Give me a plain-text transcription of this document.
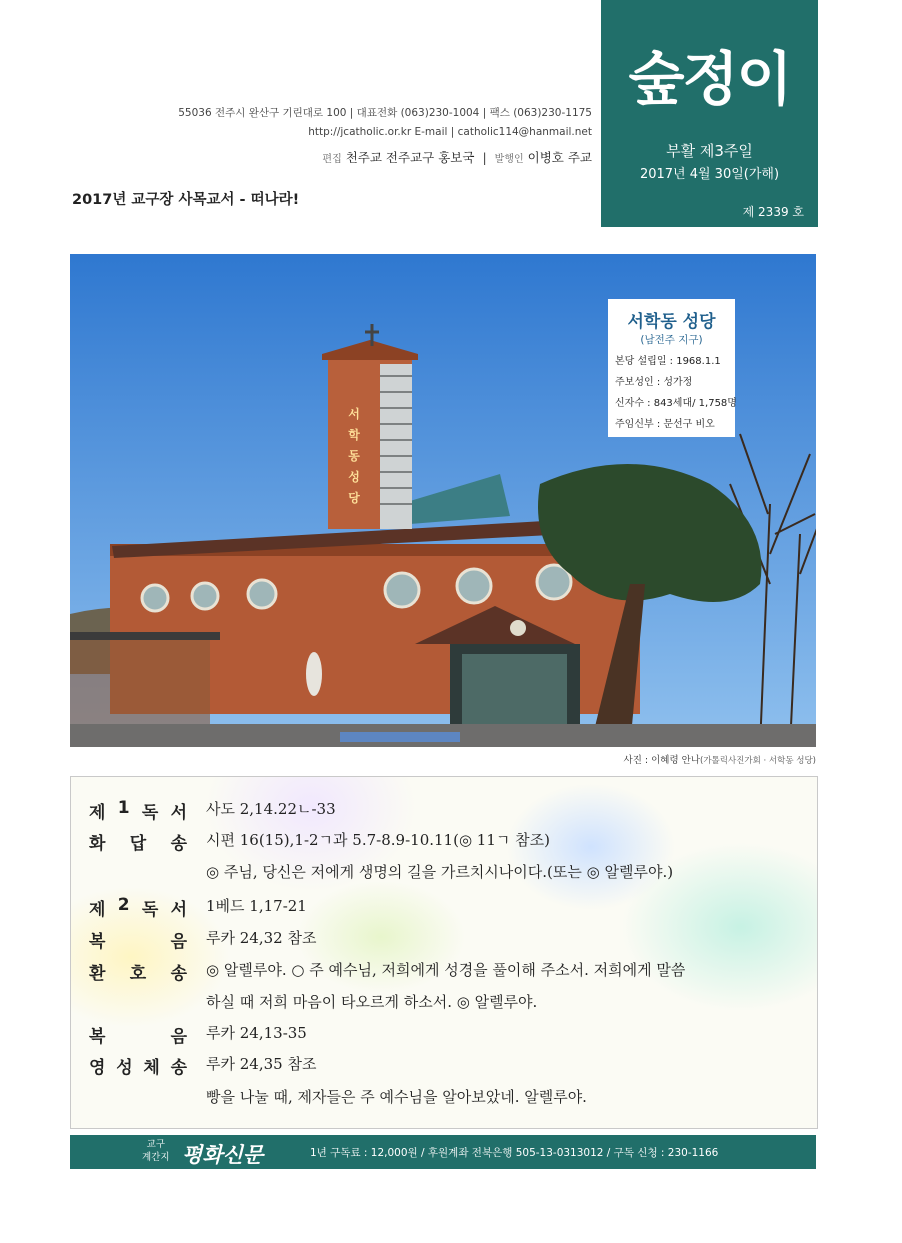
55036 전주시 완산구 기린대로 100 | 대표전화 (063)230-1004 | 팩스 (063)230-1175
http://jcatholic.or.kr E-mail | catholic114@hanmail.net
편집 천주교 전주교구 홍보국 | 발행인 이병호 주교
2017년 교구장 사목교서 - 떠나라!
숲정이
부활 제3주일
2017년 4월 30일(가해)
제 2339 호
서
학
동
성
당
서학동 성당
(남전주 지구)
본당 설립일 : 1968.1.1
주보성인 : 성가정
신자수 : 843세대/ 1,758명
주임신부 : 문선구 비오
사진 : 이혜령 안나(가톨릭사진가회 · 서학동 성당)
제 1 독 서 사도 2,14.22ㄴ-33
화 답 송 시편 16(15),1-2ㄱ과 5.7-8.9-10.11(◎ 11ㄱ 참조)
◎ 주님, 당신은 저에게 생명의 길을 가르치시나이다.(또는 ◎ 알렐루야.)
제 2 독 서 1베드 1,17-21
복	음 루카 24,32 참조
환 호 송 ◎ 알렐루야. ○ 주 예수님, 저희에게 성경을 풀이해 주소서. 저희에게 말씀
하실 때 저희 마음이 타오르게 하소서. ◎ 알렐루야.
복	음 루카 24,13-35
영 성 체 송 루카 24,35 참조
빵을 나눌 때, 제자들은 주 예수님을 알아보았네. 알렐루야.
교구
계간지 평화신문	1년 구독료 : 12,000원 / 후원계좌 전북은행 505-13-0313012 / 구독 신청 : 230-1166
